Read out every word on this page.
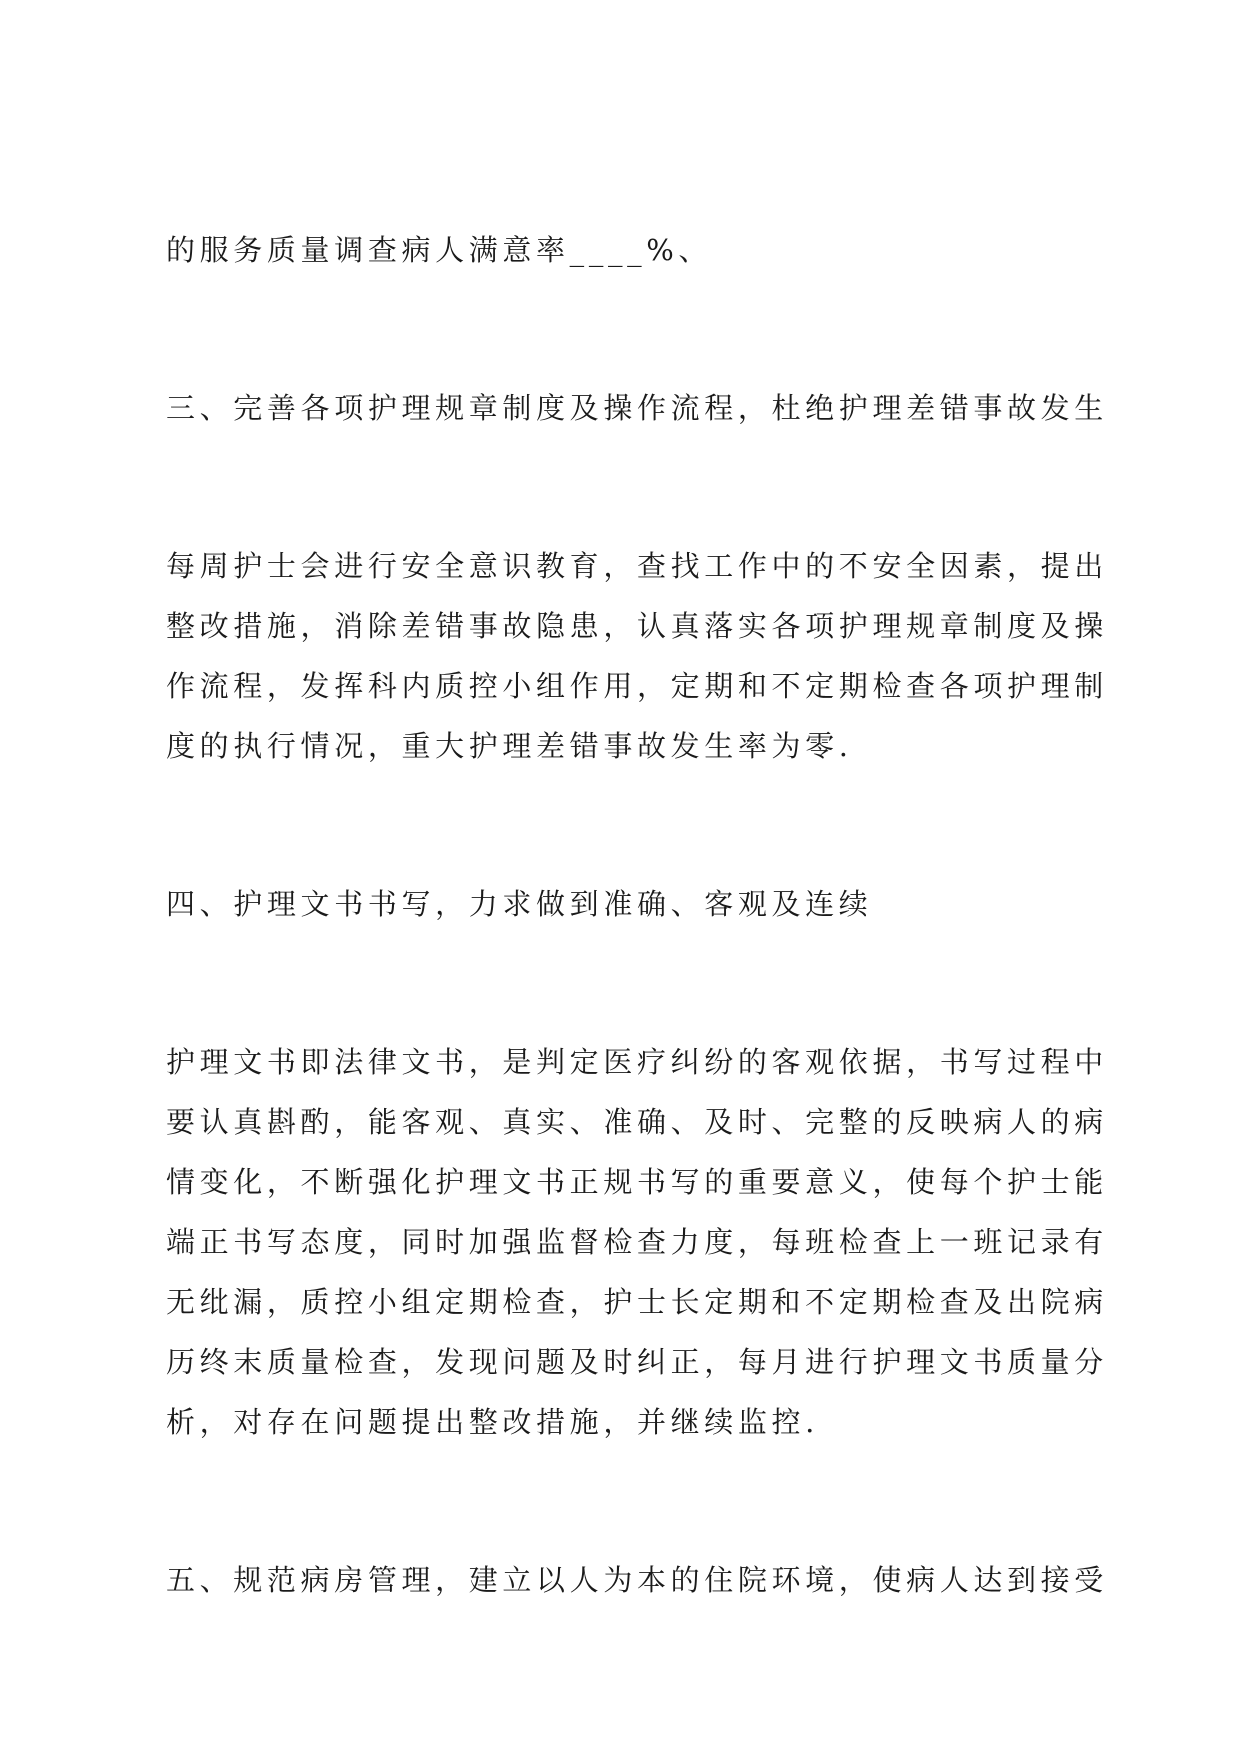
的服务质量调查病人满意率____%、

三、完善各项护理规章制度及操作流程，杜绝护理差错事故发生

每周护士会进行安全意识教育，查找工作中的不安全因素，提出

整改措施，消除差错事故隐患，认真落实各项护理规章制度及操

作流程，发挥科内质控小组作用，定期和不定期检查各项护理制

度的执行情况，重大护理差错事故发生率为零.

四、护理文书书写，力求做到准确、客观及连续

护理文书即法律文书，是判定医疗纠纷的客观依据，书写过程中

要认真斟酌，能客观、真实、准确、及时、完整的反映病人的病

情变化，不断强化护理文书正规书写的重要意义，使每个护士能

端正书写态度，同时加强监督检查力度，每班检查上一班记录有

无纰漏，质控小组定期检查，护士长定期和不定期检查及出院病

历终末质量检查，发现问题及时纠正，每月进行护理文书质量分

析，对存在问题提出整改措施，并继续监控.

五、规范病房管理，建立以人为本的住院环境，使病人达到接受
